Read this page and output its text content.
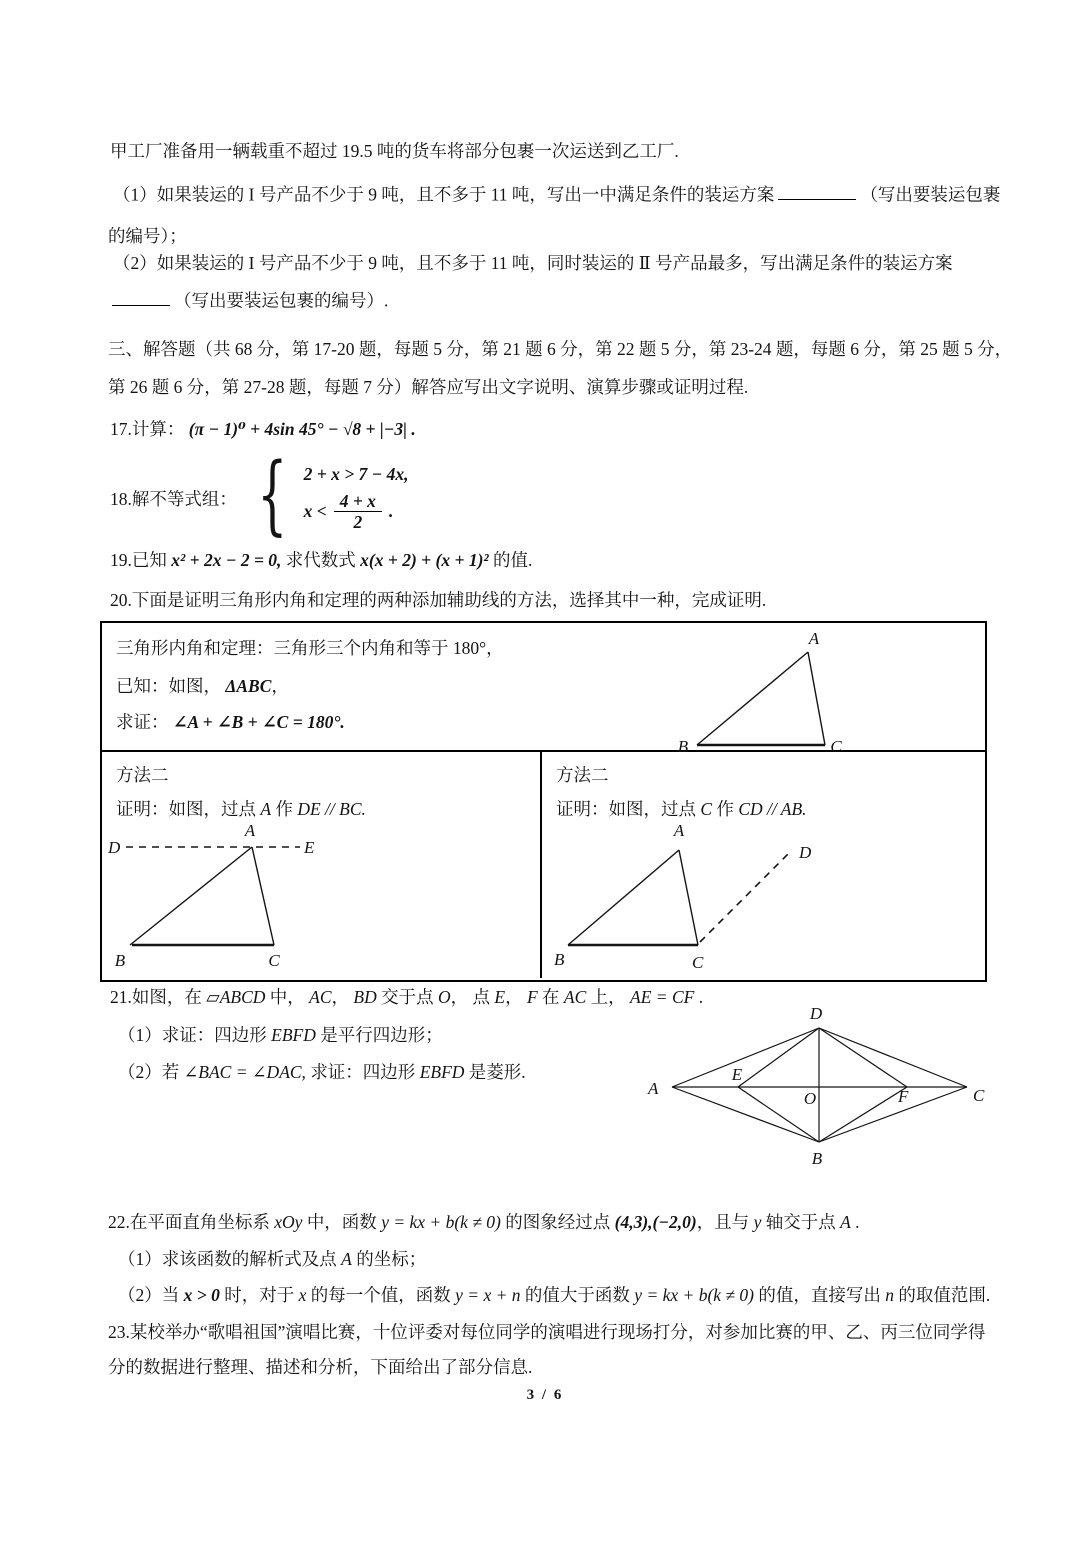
甲工厂准备用一辆载重不超过 19.5 吨的货车将部分包裹一次运送到乙工厂.
（1）如果装运的 I 号产品不少于 9 吨，且不多于 11 吨，写出一中满足条件的装运方案	（写出要装运包裹
的编号）；
（2）如果装运的 I 号产品不少于 9 吨，且不多于 11 吨，同时装运的 Ⅱ 号产品最多，写出满足条件的装运方案
（写出要装运包裹的编号）.
三、解答题（共 68 分，第 17-20 题，每题 5 分，第 21 题 6 分，第 22 题 5 分，第 23-24 题，每题 6 分，第 25 题 5 分，
第 26 题 6 分，第 27-28 题，每题 7 分）解答应写出文字说明、演算步骤或证明过程.
17.计算： (π − 1)⁰ + 4sin 45° − √8 + |−3| .
18.解不等式组： { 2 + x > 7 − 4x,
$x < \frac{4 + x}{2}$ .
19.已知 x² + 2x − 2 = 0, 求代数式 x(x + 2) + (x + 1)² 的值.
20.下面是证明三角形内角和定理的两种添加辅助线的方法，选择其中一种，完成证明.
三角形内角和定理：三角形三个内角和等于 180°，
已知：如图， ΔABC，
求证： ∠A + ∠B + ∠C = 180°.
A
B	C
方法二
证明：如图，过点 A 作 DE // BC.
D	E
A
B	C
方法二
证明：如图，过点 C 作 CD // AB.
A
B	C
D
21.如图，在 ▱ABCD 中， AC， BD 交于点 O， 点 E， F 在 AC 上， AE = CF .
（1）求证：四边形 EBFD 是平行四边形；
（2）若 ∠BAC = ∠DAC, 求证：四边形 EBFD 是菱形.
D
A	C
B
E
O	F
22.在平面直角坐标系 xOy 中，函数 y = kx + b(k ≠ 0) 的图象经过点 (4,3),(−2,0)，且与 y 轴交于点 A .
（1）求该函数的解析式及点 A 的坐标；
（2）当 x > 0 时，对于 x 的每一个值，函数 y = x + n 的值大于函数 y = kx + b(k ≠ 0) 的值，直接写出 n 的取值范围.
23.某校举办“歌唱祖国”演唱比赛，十位评委对每位同学的演唱进行现场打分，对参加比赛的甲、乙、丙三位同学得
分的数据进行整理、描述和分析，下面给出了部分信息.
3 / 6
